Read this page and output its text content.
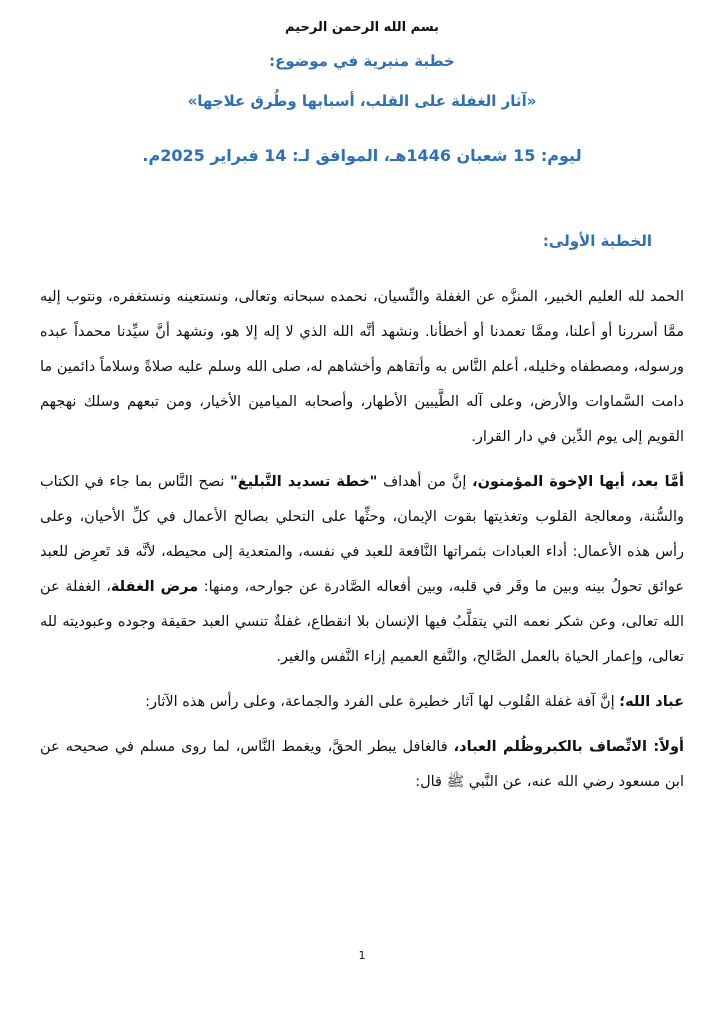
بسم الله الرحمن الرحيم
خطبة منبرية في موضوع:
«آثار الغفلة على القلب، أسبابها وطُرق علاجها»
ليوم: 15 شعبان 1446هـ، الموافق لـ: 14 فبراير 2025م.
الخطبة الأولى:

الحمد لله العليم الخبير، المنزَّه عن الغفلة والنِّسيان، نحمده سبحانه وتعالى، ونستعينه ونستغفره، ونتوب إليه ممَّا أسررنا أو أعلنا، وممَّا تعمدنا أو أخطأنا. ونشهد أنَّه الله الذي لا إله إلا هو، ونشهد أنَّ سيِّدنا محمداً عبده ورسوله، ومصطفاه وخليله، أعلم النَّاس به وأتقاهم وأخشاهم له، صلى الله وسلم عليه صلاةً وسلاماً دائمين ما دامت السَّماوات والأرض، وعلى آله الطَّيبين الأطهار، وأصحابه الميامين الأخيار، ومن تبعهم وسلك نهجهم القويم إلى يوم الدِّين في دار القرار.

أمَّا بعد، أيها الإخوة المؤمنون، إنَّ من أهداف "خطة تسديد التَّبليغ" نصح النَّاس بما جاء في الكتاب والسُّنة، ومعالجة القلوب وتغذيتها بقوت الإيمان، وحثِّها على التحلي بصالح الأعمال في كلِّ الأحيان، وعلى رأس هذه الأعمال: أداء العبادات بثمراتها النَّافعة للعبد في نفسه، والمتعدية إلى محيطه، لأنَّه قد تَعرِض للعبد عوائق تحولُ بينه وبين ما وقَر في قلبه، وبين أفعاله الصَّادرة عن جوارحه، ومنها: مرض الغفلة، الغفلة عن الله تعالى، وعن شكر نعمه التي يتقلَّبُ فيها الإنسان بلا انقطاع، غفلةٌ تنسي العبد حقيقة وجوده وعبوديته لله تعالى، وإعمار الحياة بالعمل الصَّالح، والنَّفع العميم إزاء النَّفس والغير.

عباد الله؛ إنَّ آفة غفلة القُلوب لها آثار خطيرة على الفرد والجماعة، وعلى رأس هذه الآثار:

أولاً: الاتِّصاف بالكبروظُلم العباد، فالغافل يبطر الحقَّ، ويغمط النَّاس، لما روى مسلم في صحيحه عن ابن مسعود رضي الله عنه، عن النَّبي ﷺ قال:

1
